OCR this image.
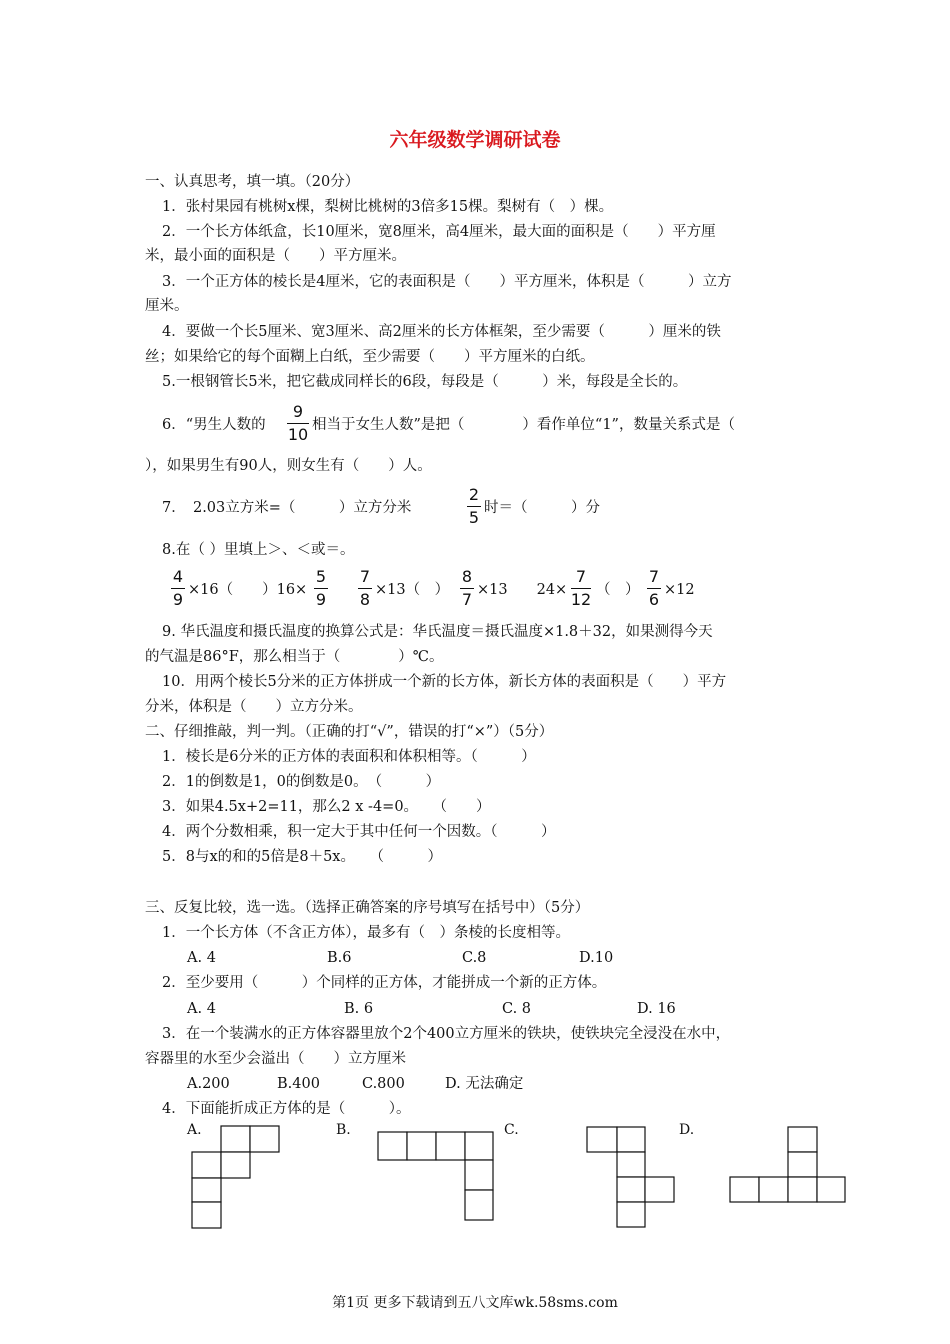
六年级数学调研试卷
一、认真思考，填一填。（20分）
1．张村果园有桃树x棵，梨树比桃树的3倍多15棵。梨树有（　）棵。
2．一个长方体纸盒，长10厘米，宽8厘米，高4厘米，最大面的面积是（　　）平方厘
米，最小面的面积是（　　）平方厘米。
3．一个正方体的棱长是4厘米，它的表面积是（　　）平方厘米，体积是（　　　）立方
厘米。
4．要做一个长5厘米、宽3厘米、高2厘米的长方体框架，至少需要（　　　）厘米的铁
丝；如果给它的每个面糊上白纸，至少需要（　　）平方厘米的白纸。
5.一根钢管长5米，把它截成同样长的6段，每段是（　　　）米，每段是全长的。
6．“男生人数的
9
10
相当于女生人数”是把（　　　　）看作单位“1”，数量关系式是（
），如果男生有90人，则女生有（　　）人。
7．　2.03立方米=（　　　）立方分米
2
5
时＝（　　　）分
8.在（ ）里填上＞、＜或＝。
4
9
×16（　　）16×
5
9
7
8
×13（　）
8
7
×13　　24×
7
12
（　）
7
6
×12
9. 华氏温度和摄氏温度的换算公式是：华氏温度＝摄氏温度×1.8＋32，如果测得今天
的气温是86°F，那么相当于（　　　　）℃。
10．用两个棱长5分米的正方体拼成一个新的长方体，新长方体的表面积是（　　）平方
分米，体积是（　　）立方分米。
二、仔细推敲，判一判。（正确的打“√”，错误的打“×”）（5分）
1．棱长是6分米的正方体的表面积和体积相等。（　　　）
2．1的倒数是1，0的倒数是0。　（　　　）
3．如果4.5x+2=11，那么2 x -4=0。　　（　　）
4．两个分数相乘，积一定大于其中任何一个因数。（　　　）
5．8与x的和的5倍是8＋5x。　　（　　　）
三、反复比较，选一选。（选择正确答案的序号填写在括号中）（5分）
1．一个长方体（不含正方体），最多有（　）条棱的长度相等。
A. 4	B.6	C.8	D.10
2．至少要用（　　　）个同样的正方体，才能拼成一个新的正方体。
A. 4	B. 6	C. 8	D. 16
3．在一个装满水的正方体容器里放个2个400立方厘米的铁块，使铁块完全浸没在水中，
容器里的水至少会溢出（　　）立方厘米
A.200	B.400	C.800	D. 无法确定
4．下面能折成正方体的是（　　　）。
A.	B.	C.	D.
第1页 更多下载请到五八文库wk.58sms.com
